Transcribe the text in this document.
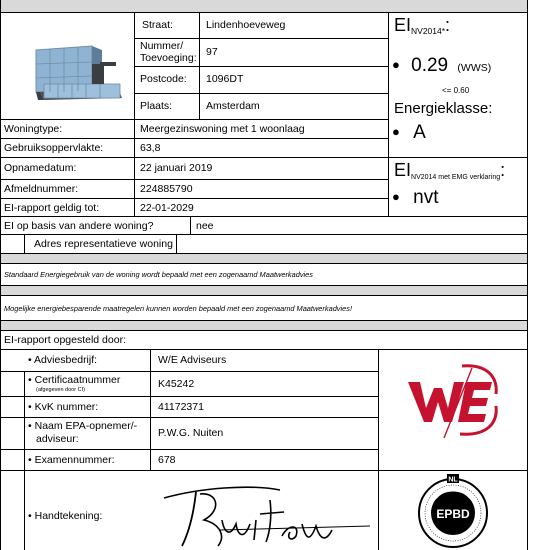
Straat:	Lindenhoeveweg
Nummer/
Toevoeging: 97
Postcode: 1096DT
Plaats:	Amsterdam
Woningtype:	Meergezinswoning met 1 woonlaag
Gebruiksoppervlakte:	63,8
Opnamedatum:	22 januari 2019
Afmeldnummer:	224885790
EI-rapport geldig tot:	22-01-2029
EI op basis van andere woning?	nee
Adres representatieve woning
$EI_{NV2014*}$:
● 0.29 (WWS)
<= 0.60
Energieklasse:
● A
EINV2014 met EMG verklaring:
● nvt
Standaard Energiegebruik van de woning wordt bepaald met een zogenaamd Maatwerkadvies
Mogelijke energiebesparende maatregelen kunnen worden bepaald met een zogenaamd Maatwerkadvies!
EI-rapport opgesteld door:
• Adviesbedrijf:	W/E Adviseurs
• Certificaatnummer
(afgegeven door CI)	K45242
• KvK nummer:	41172371
• Naam EPA-opnemer/-
adviseur:	P.W.G. Nuiten
• Examennummer:	678
• Handtekening:	EPBD
NL
